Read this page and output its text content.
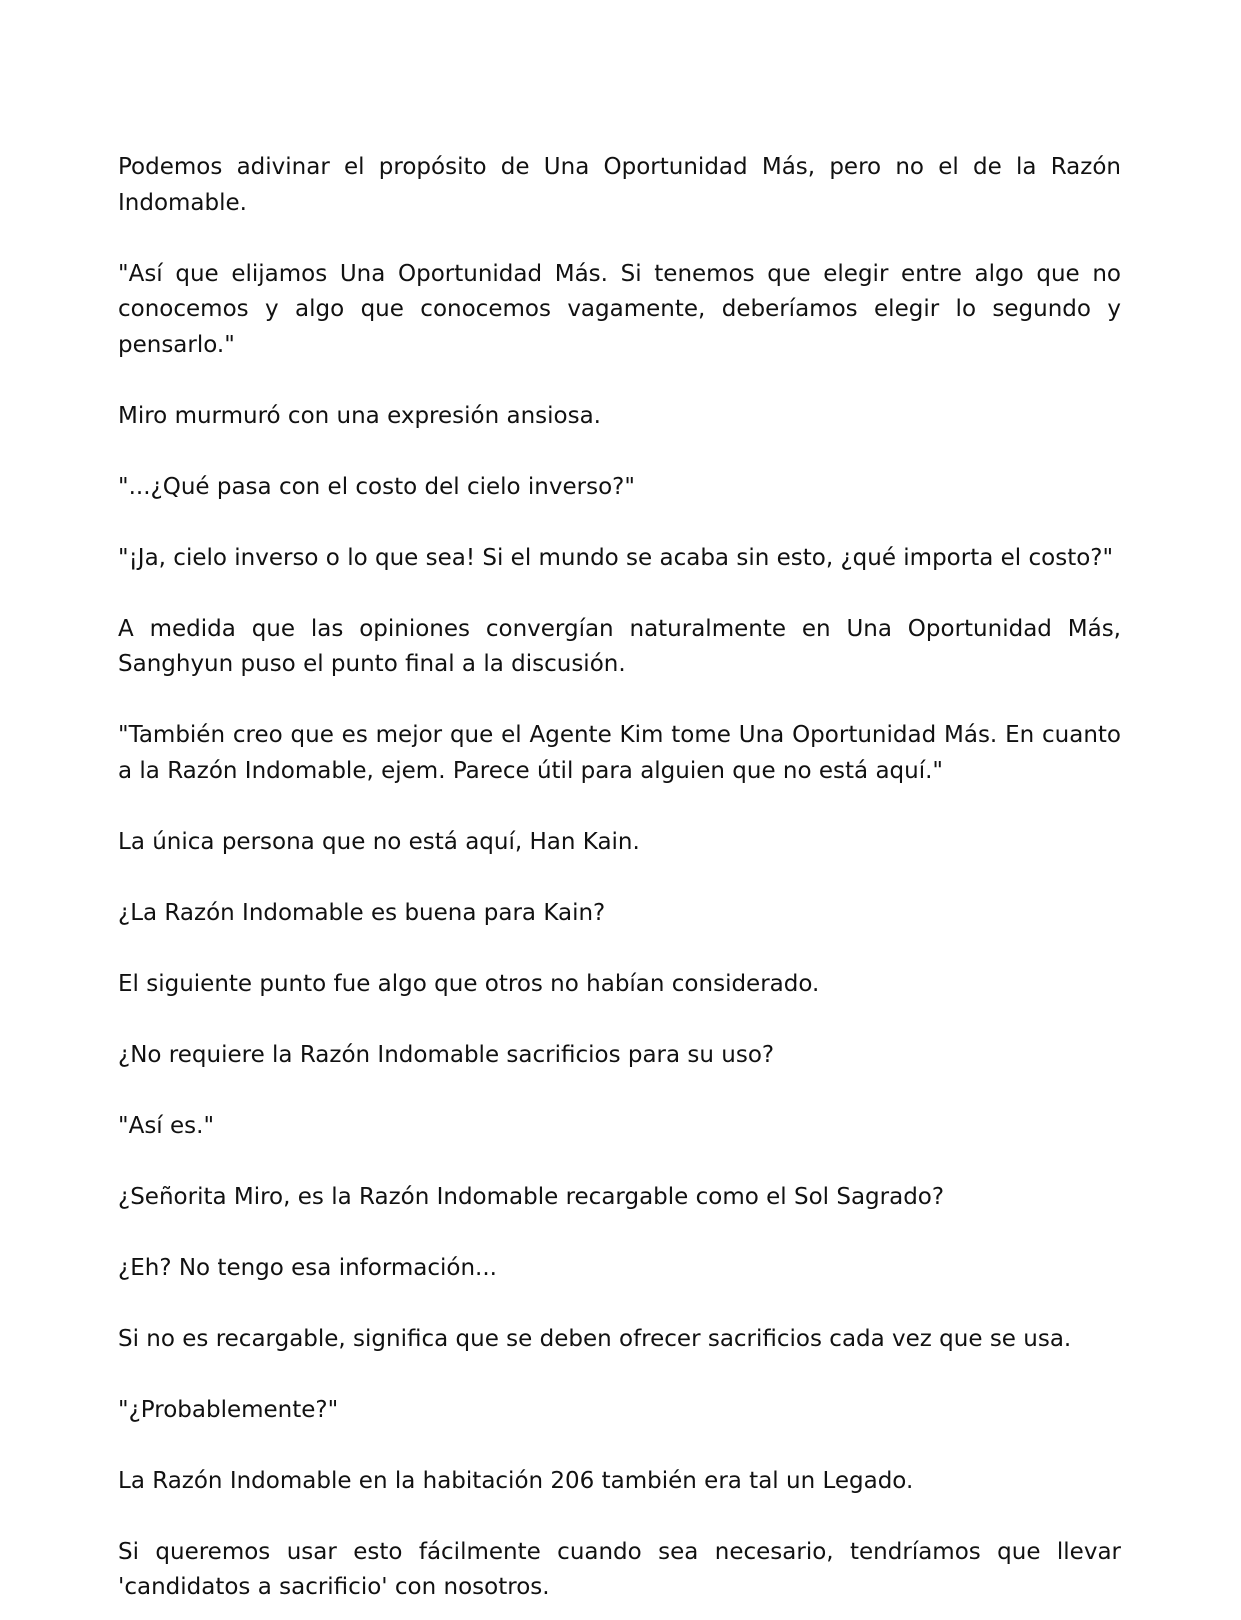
Podemos adivinar el propósito de Una Oportunidad Más, pero no el de la Razón Indomable.

"Así que elijamos Una Oportunidad Más. Si tenemos que elegir entre algo que no conocemos y algo que conocemos vagamente, deberíamos elegir lo segundo y pensarlo."

Miro murmuró con una expresión ansiosa.

"...¿Qué pasa con el costo del cielo inverso?"

"¡Ja, cielo inverso o lo que sea! Si el mundo se acaba sin esto, ¿qué importa el costo?"

A medida que las opiniones convergían naturalmente en Una Oportunidad Más, Sanghyun puso el punto final a la discusión.

"También creo que es mejor que el Agente Kim tome Una Oportunidad Más. En cuanto a la Razón Indomable, ejem. Parece útil para alguien que no está aquí."

La única persona que no está aquí, Han Kain.

¿La Razón Indomable es buena para Kain?

El siguiente punto fue algo que otros no habían considerado.

¿No requiere la Razón Indomable sacrificios para su uso?

"Así es."

¿Señorita Miro, es la Razón Indomable recargable como el Sol Sagrado?

¿Eh? No tengo esa información...

Si no es recargable, significa que se deben ofrecer sacrificios cada vez que se usa.

"¿Probablemente?"

La Razón Indomable en la habitación 206 también era tal un Legado.

Si queremos usar esto fácilmente cuando sea necesario, tendríamos que llevar 'candidatos a sacrificio' con nosotros.
